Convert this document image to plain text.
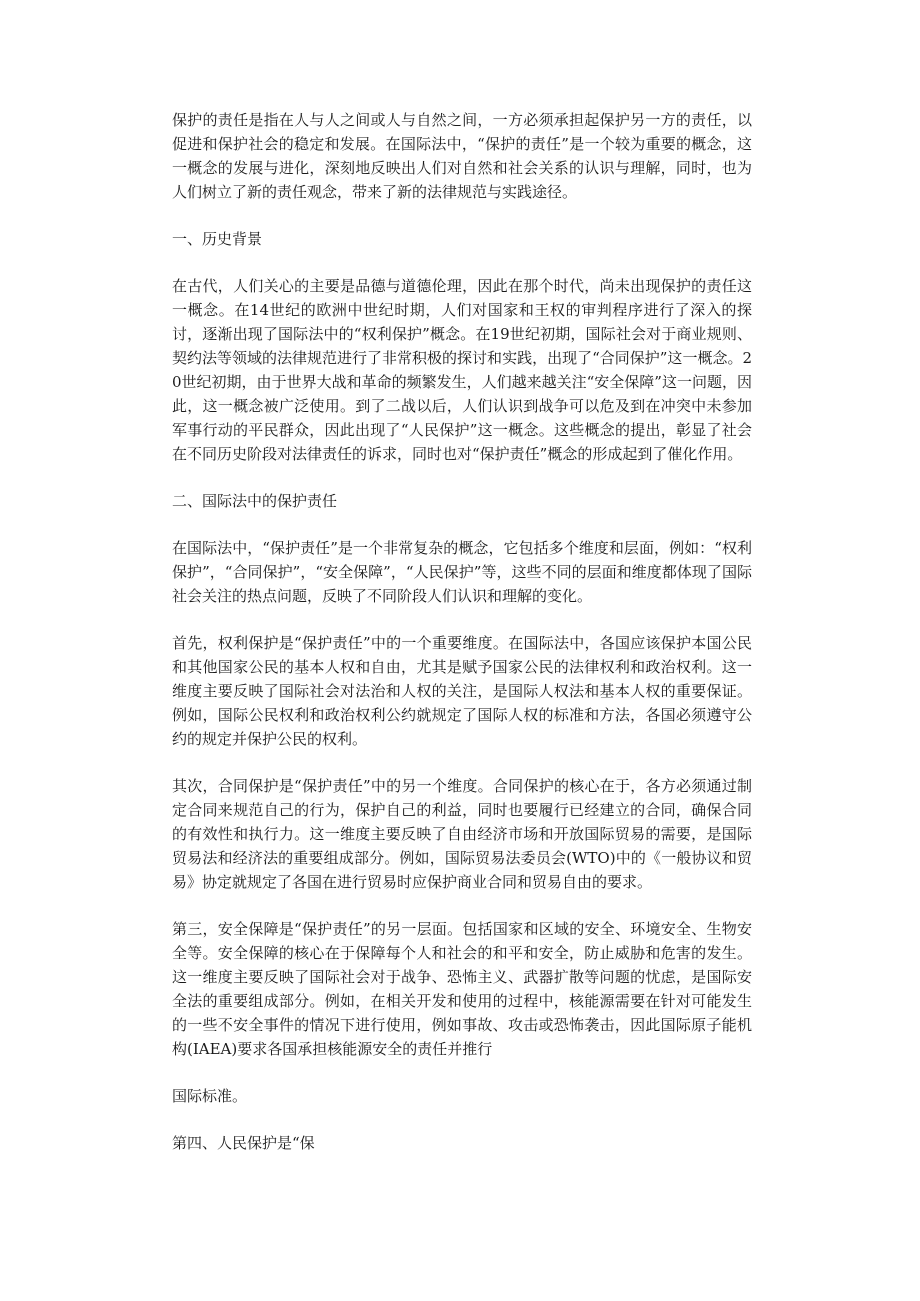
保护的责任是指在人与人之间或人与自然之间，一方必须承担起保护另一方的责任，以促进和保护社会的稳定和发展。在国际法中，“保护的责任”是一个较为重要的概念，这一概念的发展与进化，深刻地反映出人们对自然和社会关系的认识与理解，同时，也为人们树立了新的责任观念，带来了新的法律规范与实践途径。

一、历史背景

在古代，人们关心的主要是品德与道德伦理，因此在那个时代，尚未出现保护的责任这一概念。在14世纪的欧洲中世纪时期，人们对国家和王权的审判程序进行了深入的探讨，逐渐出现了国际法中的“权利保护”概念。在19世纪初期，国际社会对于商业规则、契约法等领域的法律规范进行了非常积极的探讨和实践，出现了“合同保护”这一概念。20世纪初期，由于世界大战和革命的频繁发生，人们越来越关注“安全保障”这一问题，因此，这一概念被广泛使用。到了二战以后，人们认识到战争可以危及到在冲突中未参加军事行动的平民群众，因此出现了“人民保护”这一概念。这些概念的提出，彰显了社会在不同历史阶段对法律责任的诉求，同时也对“保护责任”概念的形成起到了催化作用。

二、国际法中的保护责任

在国际法中，“保护责任”是一个非常复杂的概念，它包括多个维度和层面，例如：“权利保护”，“合同保护”，“安全保障”，“人民保护”等，这些不同的层面和维度都体现了国际社会关注的热点问题，反映了不同阶段人们认识和理解的变化。

首先，权利保护是“保护责任”中的一个重要维度。在国际法中，各国应该保护本国公民和其他国家公民的基本人权和自由，尤其是赋予国家公民的法律权利和政治权利。这一维度主要反映了国际社会对法治和人权的关注，是国际人权法和基本人权的重要保证。例如，国际公民权利和政治权利公约就规定了国际人权的标准和方法，各国必须遵守公约的规定并保护公民的权利。

其次，合同保护是“保护责任”中的另一个维度。合同保护的核心在于，各方必须通过制定合同来规范自己的行为，保护自己的利益，同时也要履行已经建立的合同，确保合同的有效性和执行力。这一维度主要反映了自由经济市场和开放国际贸易的需要，是国际贸易法和经济法的重要组成部分。例如，国际贸易法委员会(WTO)中的《一般协议和贸易》协定就规定了各国在进行贸易时应保护商业合同和贸易自由的要求。

第三，安全保障是“保护责任”的另一层面。包括国家和区域的安全、环境安全、生物安全等。安全保障的核心在于保障每个人和社会的和平和安全，防止威胁和危害的发生。这一维度主要反映了国际社会对于战争、恐怖主义、武器扩散等问题的忧虑，是国际安全法的重要组成部分。例如，在相关开发和使用的过程中，核能源需要在针对可能发生的一些不安全事件的情况下进行使用，例如事故、攻击或恐怖袭击，因此国际原子能机构(IAEA)要求各国承担核能源安全的责任并推行

国际标准。

第四、人民保护是“保
